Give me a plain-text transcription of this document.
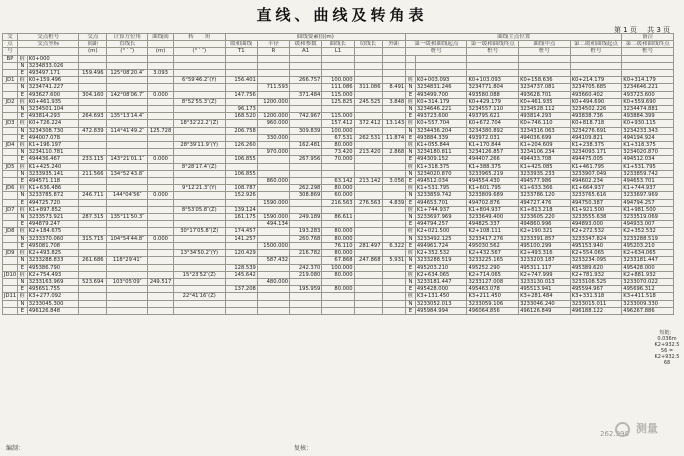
直线、曲线及转角表
第 1 页 共 3 页
交	交点桩号		交点	计算方位角	曲线间	转　　角	曲线要素值(m)						曲线主点位置					备注
点	交点坐标		间距	直线长			缓和曲线	半径	缓和参数	曲线长	切线长	外距	第一缓和曲线起点		第一缓和曲线终点	曲线中点	第二缓和曲线起点	第二缓和曲线终点
号			(m)	(° ′ ″)	(m)	(° ′ ″)	T1	R	A1	L1			桩号		桩号	桩号	桩号	桩号
BP	桩	K0+000																
	N	3234833.026																
	E	493497.171	159.496	125°08′20.4″	3.093													
JD1	桩	K0+159.496				6°59′46.2″(Y)	156.401		266.757	100.000			桩	K0+003.093	K0+103.093	K0+158.636	K0+214.179	K0+314.179
	N	3234741.227						711.593		111.086	311.086	8.491	N	3234831.246	3234771.804	3234737.081	3234705.685	3234646.221
	E	493627.600	304.160	142°08′06.7″	0.000		147.756		371.484	115.000			E	493499.700	493580.088	493628.701	493660.402	493723.600
JD2	桩	K0+461.935				8°52′55.3″(Z)		1200.000		125.825	245.525	3.848	桩	K0+314.179	K0+429.179	K0+461.935	K0+494.690	K0+559.690
	N	3234501.104					96.173						N	3234646.221	3234557.110	3234528.112	3234502.226	3234474.881
	E	493814.293	264.693	135°13′14.4″			168.520	1200.000	742.967	115.000			E	493723.600	493795.621	493814.293	493838.736	493884.399
JD3	桩	K0+726.224				18°32′22.2″(Z)		960.000		157.412	372.412	13.143	桩	K0+557.704	K0+672.704	K0+746.110	K0+818.718	K0+930.115
	N	3234308.730	472.839	114°41′49.2″	125.728		206.758		309.839	100.000			N	3234436.204	3234380.892	3234316.063	3234276.691	3234233.343
	E	494007.078						330.000		67.531	262.531	11.874	E	493884.339	493972.031	494036.699	494109.821	494194.924
JD4	桩	K1+196.197				28°39′11.9″(Y)	126.260		162.481	80.000			桩	K1+055.844	K1+170.844	K1+204.609	K1+238.375	K1+318.375
	N	3234110.781						970.000		73.420	213.420	2.868	N	3234180.811	3234126.857	3234106.234	3234093.171	3234020.870
	E	494436.467	233.115	143°21′01.1″	0.000		106.855		267.956	70.000			E	494309.152	494407.266	494433.708	494475.005	494512.034
JD5	桩	K1+425.240				8°28′17.4″(Z)							桩	K1+318.375	K1+388.375	K1+425.085	K1+461.795	K1+531.795
	N	3233935.141	211.566	134°52′43.8″			106.855						N	3234020.870	3233965.219	3233935.233	3233907.049	3233859.742
	E	494571.118						860.000		63.142	213.142	3.056	E	494512.034	494554.430	494577.986	494602.234	494653.701
JD6	桩	K1+636.486				9°12′21.3″(Y)	108.787		262.298	80.000			桩	K1+531.795	K1+601.795	K1+633.366	K1+664.937	K1+744.937
	N	3233785.872	246.711	144°04′56″	0.000		152.926		308.869	60.000			N	3233859.742	3233809.689	3233786.120	3233765.616	3233697.969
	E	494725.720						1590.000		216.563	276.563	4.839	E	494653.701	494702.876	494727.476	494750.387	494794.257
JD7	桩	K1+897.852				8°53′05.8″(Z)	139.124						桩	K1+744.937	K1+804.937	K1+813.218	K1+921.500	K1+981.500
	N	3233573.921	287.315	135°11′50.3″			161.175	1590.000	249.189	86.611			N	3233697.969	3233649.400	3233605.220	3233555.638	3233519.069
	E	494879.247						494.134					E	494794.257	494825.337	494860.996	494893.000	494933.007
JD8	桩	K2+184.675				30°17′05.8″(Z)	174.457		193.283	80.000			桩	K2+021.500	K2+108.111	K2+190.321	K2+272.532	K2+352.532
	N	3233370.060	315.715	104°54′44.8″	0.000		141.257		260.768	80.000			N	3233492.125	3233417.276	3233391.857	3233347.824	3233288.519
	E	495081.708						1500.000		76.110	281.497	6.322	E	494961.724	495030.562	495100.299	495153.940	495203.210
JD9	桩	K2+493.825				13°34′50.2″(Y)	120.429		216.782	80.000			桩	K2+352.532	K2+432.567	K2+493.316	K2+554.065	K2+634.065
	N	3233288.833	261.686	118°29′41″				587.432		67.868	247.868	5.931	N	3233288.519	3233225.165	3233203.187	3233234.095	3233181.447
	E	495386.790					128.539		242.370	100.000			E	495203.210	495252.290	495311.117	495389.620	495428.000
JD10	桩	K2+754.493				15°23′52″(Z)	145.642		219.080	80.000			桩	K2+634.065	K2+714.065	K2+747.999	K2+781.932	K2+881.932
	N	3233163.969	523.694	103°05′09″	249.517			480.000					N	3233181.447	3233127.008	3233130.013	3233108.525	3233070.022
	E	495651.755					137.208		195.959	80.000			E	495428.000	495463.078	495513.941	495594.967	495696.312
JD11	桩	K3+277.092				22°41′16″(Z)							桩	K3+131.450	K3+211.450	K3+281.484	K3+331.518	K3+411.518
	N	3233045.300											N	3233052.013	3233059.106	3233046.240	3233015.011	3233009.330
	E	496126.848											E	495984.994	496064.856	496126.849	496188.122	496267.886
短链：
0.036m
K2+932.5
56 =
K2+932.5
68
262.998 测量
编制：	复核：
